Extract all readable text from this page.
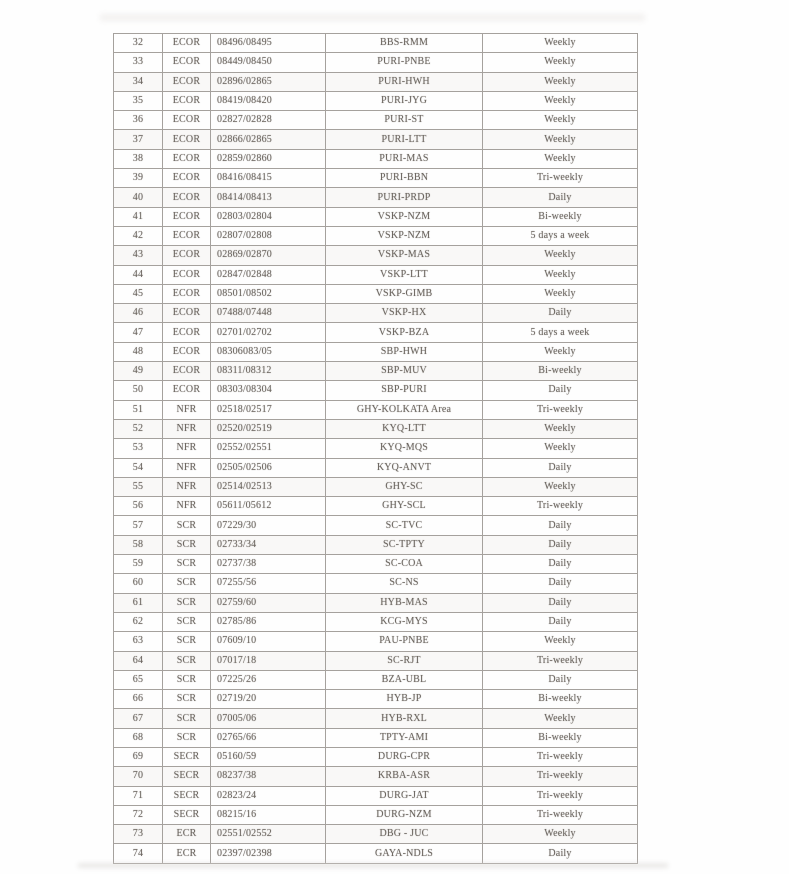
32	ECOR	08496/08495	BBS-RMM	Weekly
33	ECOR	08449/08450	PURI-PNBE	Weekly
34	ECOR	02896/02865	PURI-HWH	Weekly
35	ECOR	08419/08420	PURI-JYG	Weekly
36	ECOR	02827/02828	PURI-ST	Weekly
37	ECOR	02866/02865	PURI-LTT	Weekly
38	ECOR	02859/02860	PURI-MAS	Weekly
39	ECOR	08416/08415	PURI-BBN	Tri-weekly
40	ECOR	08414/08413	PURI-PRDP	Daily
41	ECOR	02803/02804	VSKP-NZM	Bi-weekly
42	ECOR	02807/02808	VSKP-NZM	5 days a week
43	ECOR	02869/02870	VSKP-MAS	Weekly
44	ECOR	02847/02848	VSKP-LTT	Weekly
45	ECOR	08501/08502	VSKP-GIMB	Weekly
46	ECOR	07488/07448	VSKP-HX	Daily
47	ECOR	02701/02702	VSKP-BZA	5 days a week
48	ECOR	08306083/05	SBP-HWH	Weekly
49	ECOR	08311/08312	SBP-MUV	Bi-weekly
50	ECOR	08303/08304	SBP-PURI	Daily
51	NFR	02518/02517	GHY-KOLKATA Area	Tri-weekly
52	NFR	02520/02519	KYQ-LTT	Weekly
53	NFR	02552/02551	KYQ-MQS	Weekly
54	NFR	02505/02506	KYQ-ANVT	Daily
55	NFR	02514/02513	GHY-SC	Weekly
56	NFR	05611/05612	GHY-SCL	Tri-weekly
57	SCR	07229/30	SC-TVC	Daily
58	SCR	02733/34	SC-TPTY	Daily
59	SCR	02737/38	SC-COA	Daily
60	SCR	07255/56	SC-NS	Daily
61	SCR	02759/60	HYB-MAS	Daily
62	SCR	02785/86	KCG-MYS	Daily
63	SCR	07609/10	PAU-PNBE	Weekly
64	SCR	07017/18	SC-RJT	Tri-weekly
65	SCR	07225/26	BZA-UBL	Daily
66	SCR	02719/20	HYB-JP	Bi-weekly
67	SCR	07005/06	HYB-RXL	Weekly
68	SCR	02765/66	TPTY-AMI	Bi-weekly
69	SECR	05160/59	DURG-CPR	Tri-weekly
70	SECR	08237/38	KRBA-ASR	Tri-weekly
71	SECR	02823/24	DURG-JAT	Tri-weekly
72	SECR	08215/16	DURG-NZM	Tri-weekly
73	ECR	02551/02552	DBG - JUC	Weekly
74	ECR	02397/02398	GAYA-NDLS	Daily
